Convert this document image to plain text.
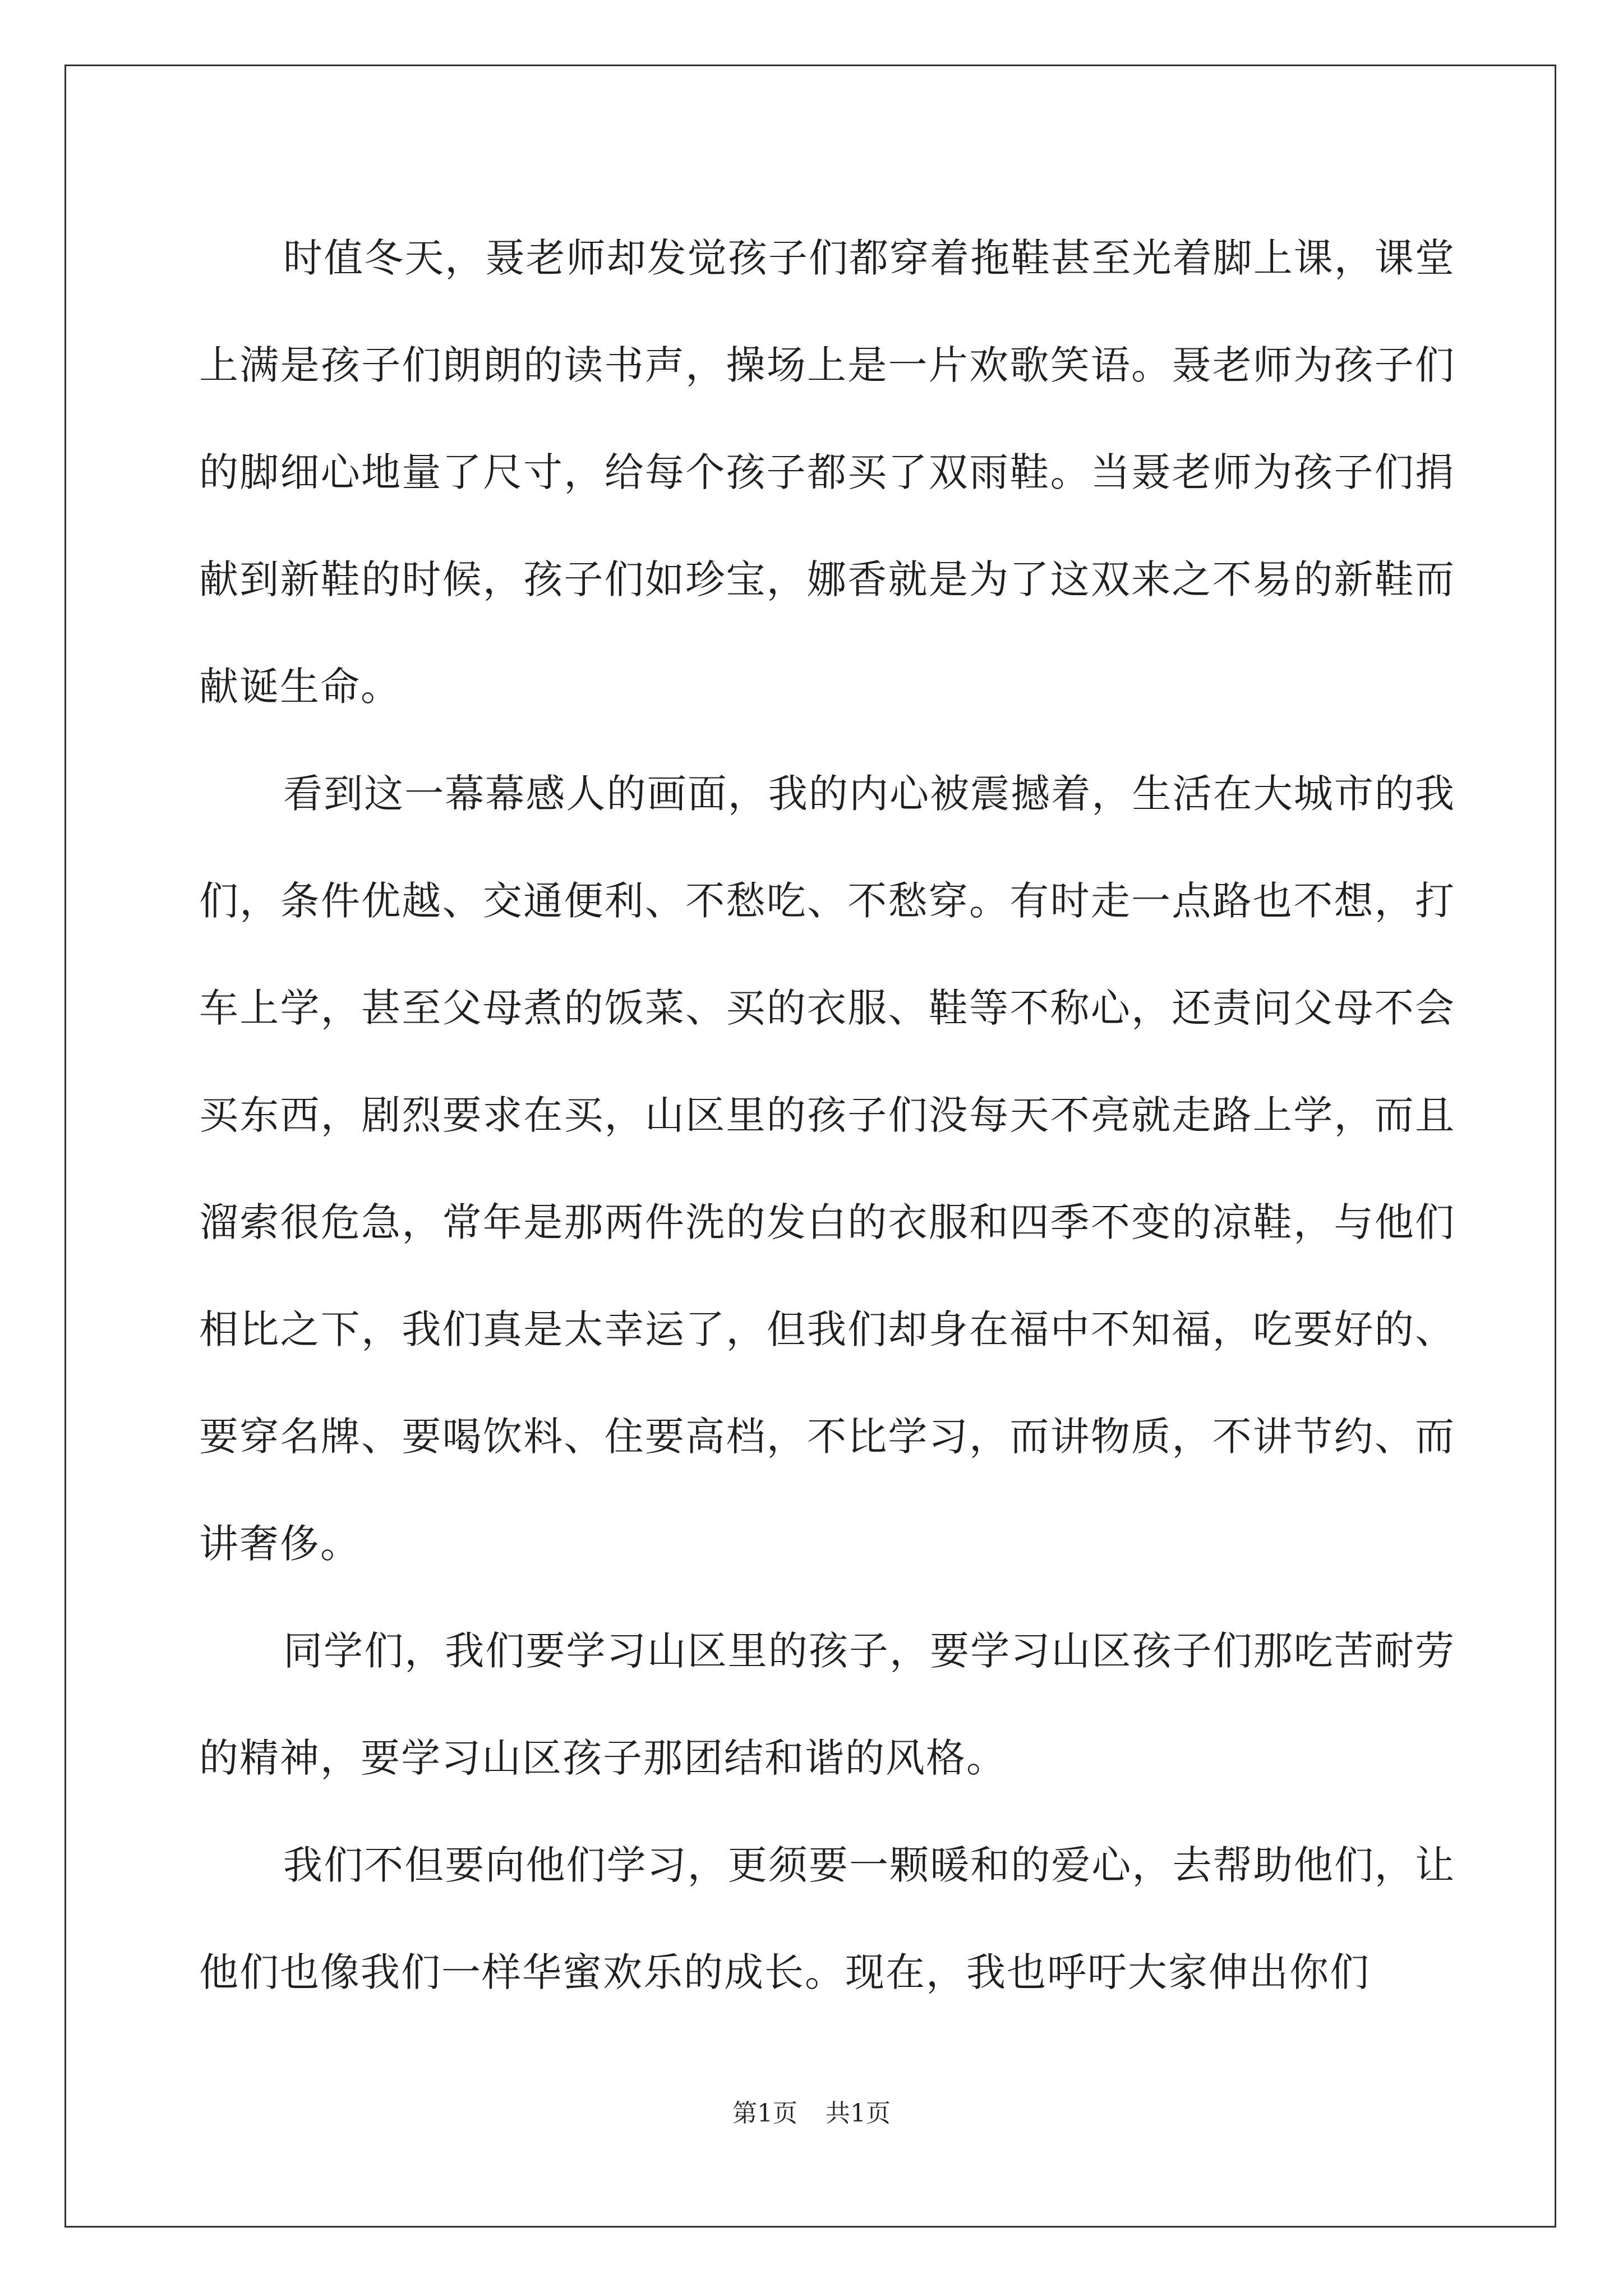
时值冬天，聂老师却发觉孩子们都穿着拖鞋甚至光着脚上课，课堂上满是孩子们朗朗的读书声，操场上是一片欢歌笑语。聂老师为孩子们的脚细心地量了尺寸，给每个孩子都买了双雨鞋。当聂老师为孩子们捐献到新鞋的时候，孩子们如珍宝，娜香就是为了这双来之不易的新鞋而献诞生命。

看到这一幕幕感人的画面，我的内心被震撼着，生活在大城市的我们，条件优越、交通便利、不愁吃、不愁穿。有时走一点路也不想，打车上学，甚至父母煮的饭菜、买的衣服、鞋等不称心，还责问父母不会买东西，剧烈要求在买，山区里的孩子们没每天不亮就走路上学，而且溜索很危急，常年是那两件洗的发白的衣服和四季不变的凉鞋，与他们相比之下，我们真是太幸运了，但我们却身在福中不知福，吃要好的、要穿名牌、要喝饮料、住要高档，不比学习，而讲物质，不讲节约、而讲奢侈。

同学们，我们要学习山区里的孩子，要学习山区孩子们那吃苦耐劳的精神，要学习山区孩子那团结和谐的风格。

我们不但要向他们学习，更须要一颗暖和的爱心，去帮助他们，让他们也像我们一样华蜜欢乐的成长。现在，我也呼吁大家伸出你们

第1页 共1页
